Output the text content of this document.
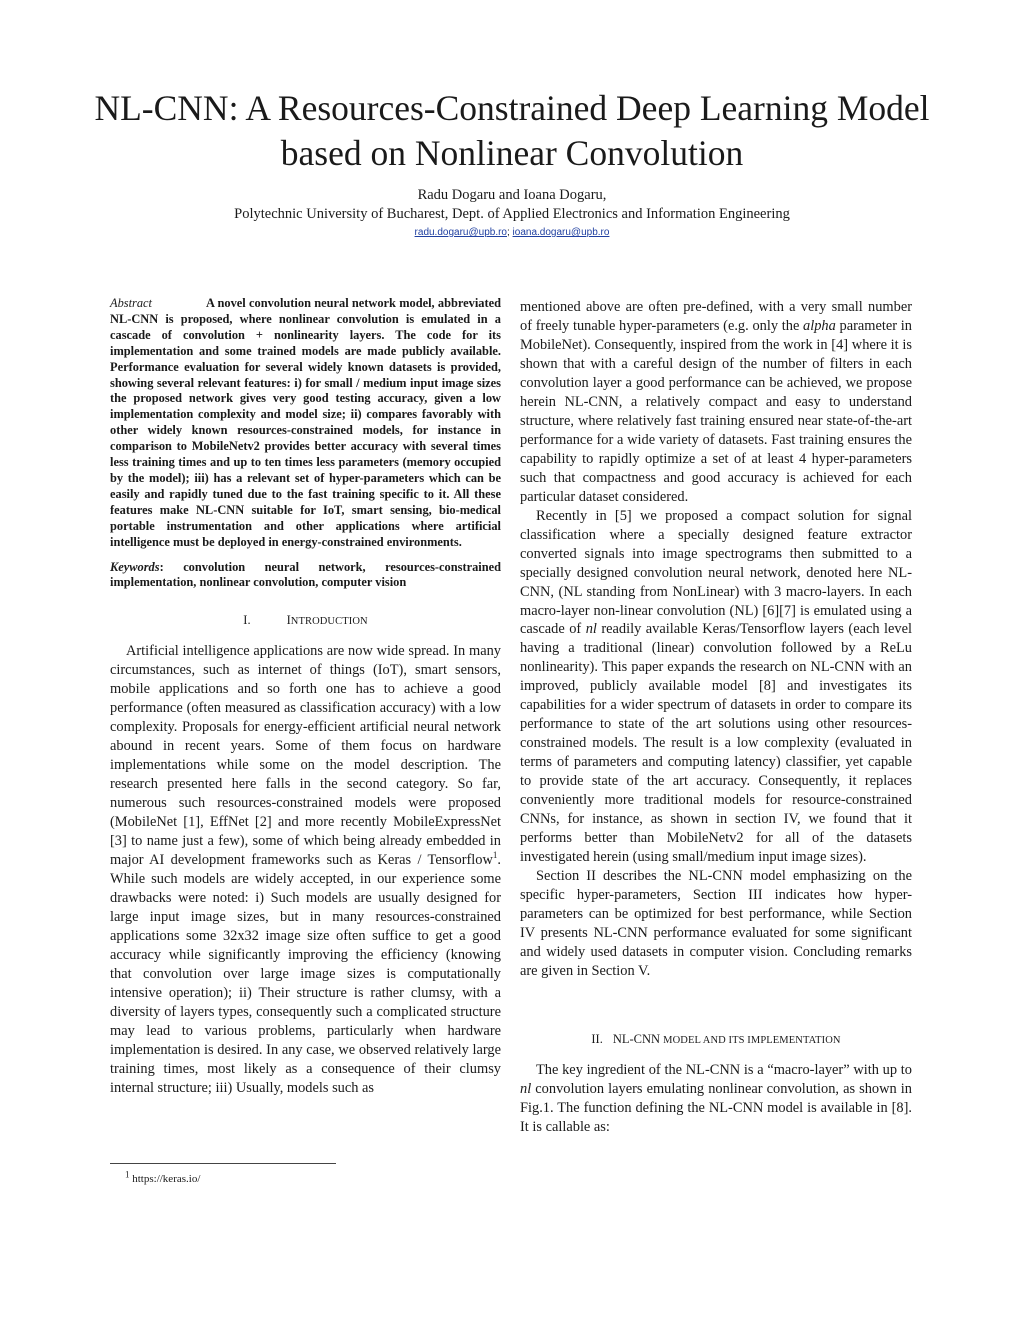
NL-CNN: A Resources-Constrained Deep Learning Model based on Nonlinear Convolution
Radu Dogaru and Ioana Dogaru,
Polytechnic University of Bucharest, Dept. of Applied Electronics and Information Engineering
radu.dogaru@upb.ro; ioana.dogaru@upb.ro

Abstract	A novel convolution neural network model, abbreviated NL-CNN is proposed, where nonlinear convolution is emulated in a cascade of convolution + nonlinearity layers. The code for its implementation and some trained models are made publicly available. Performance evaluation for several widely known datasets is provided, showing several relevant features: i) for small / medium input image sizes the proposed network gives very good testing accuracy, given a low implementation complexity and model size; ii) compares favorably with other widely known resources-constrained models, for instance in comparison to MobileNetv2 provides better accuracy with several times less training times and up to ten times less parameters (memory occupied by the model); iii) has a relevant set of hyper-parameters which can be easily and rapidly tuned due to the fast training specific to it. All these features make NL-CNN suitable for IoT, smart sensing, bio-medical portable instrumentation and other applications where artificial intelligence must be deployed in energy-constrained environments.

Keywords: convolution neural network, resources-constrained implementation, nonlinear convolution, computer vision

I.	INTRODUCTION

Artificial intelligence applications are now wide spread. In many circumstances, such as internet of things (IoT), smart sensors, mobile applications and so forth one has to achieve a good performance (often measured as classification accuracy) with a low complexity. Proposals for energy-efficient artificial neural network abound in recent years. Some of them focus on hardware implementations while some on the model description. The research presented here falls in the second category. So far, numerous such resources-constrained models were proposed (MobileNet [1], EffNet [2] and more recently MobileExpressNet [3] to name just a few), some of which being already embedded in major AI development frameworks such as Keras / Tensorflow$^1$. While such models are widely accepted, in our experience some drawbacks were noted: i) Such models are usually designed for large input image sizes, but in many resources-constrained applications some 32x32 image size often suffice to get a good accuracy while significantly improving the efficiency (knowing that convolution over large image sizes is computationally intensive operation); ii) Their structure is rather clumsy, with a diversity of layers types, consequently such a complicated structure may lead to various problems, particularly when hardware implementation is desired. In any case, we observed relatively large training times, most likely as a consequence of their clumsy internal structure; iii) Usually, models such as

$^1$ https://keras.io/

mentioned above are often pre-defined, with a very small number of freely tunable hyper-parameters (e.g. only the alpha parameter in MobileNet). Consequently, inspired from the work in [4] where it is shown that with a careful design of the number of filters in each convolution layer a good performance can be achieved, we propose herein NL-CNN, a relatively compact and easy to understand structure, where relatively fast training ensured near state-of-the-art performance for a wide variety of datasets. Fast training ensures the capability to rapidly optimize a set of at least 4 hyper-parameters such that compactness and good accuracy is achieved for each particular dataset considered.

Recently in [5] we proposed a compact solution for signal classification where a specially designed feature extractor converted signals into image spectrograms then submitted to a specially designed convolution neural network, denoted here NL-CNN, (NL standing from NonLinear) with 3 macro-layers. In each macro-layer non-linear convolution (NL) [6][7] is emulated using a cascade of nl readily available Keras/Tensorflow layers (each level having a traditional (linear) convolution followed by a ReLu nonlinearity). This paper expands the research on NL-CNN with an improved, publicly available model [8] and investigates its capabilities for a wider spectrum of datasets in order to compare its performance to state of the art solutions using other resources-constrained models. The result is a low complexity (evaluated in terms of parameters and computing latency) classifier, yet capable to provide state of the art accuracy. Consequently, it replaces conveniently more traditional models for resource-constrained CNNs, for instance, as shown in section IV, we found that it performs better than MobileNetv2 for all of the datasets investigated herein (using small/medium input image sizes).

Section II describes the NL-CNN model emphasizing on the specific hyper-parameters, Section III indicates how hyper-parameters can be optimized for best performance, while Section IV presents NL-CNN performance evaluated for some significant and widely used datasets in computer vision. Concluding remarks are given in Section V.

II. NL-CNN MODEL AND ITS IMPLEMENTATION

The key ingredient of the NL-CNN is a “macro-layer” with up to nl convolution layers emulating nonlinear convolution, as shown in Fig.1. The function defining the NL-CNN model is available in [8]. It is callable as:
